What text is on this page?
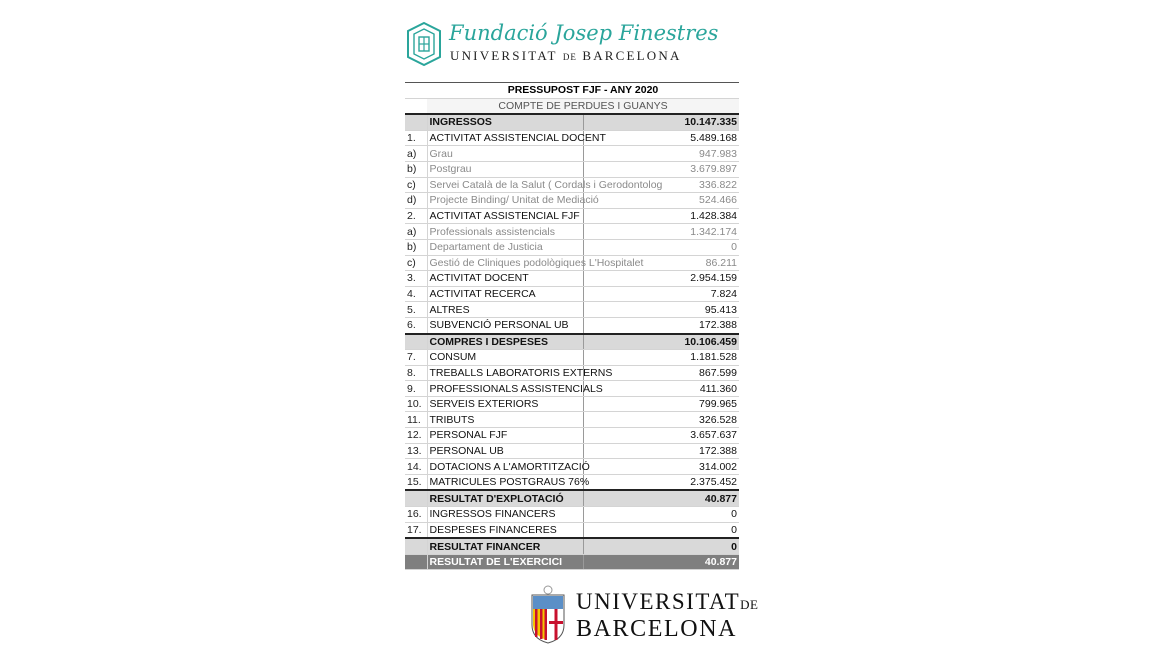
Fundació Josep Finestres
UNIVERSITAT DE BARCELONA
	PRESSUPOST FJF - ANY 2020	
	COMPTE DE PERDUES I GUANYS	
	INGRESSOS	10.147.335
1.	ACTIVITAT ASSISTENCIAL DOCENT	5.489.168
a)	Grau	947.983
b)	Postgrau	3.679.897
c)	Servei Català de la Salut ( Cordals i Gerodontolog	336.822
d)	Projecte Binding/ Unitat de Mediació	524.466
2.	ACTIVITAT ASSISTENCIAL FJF	1.428.384
a)	Professionals assistencials	1.342.174
b)	Departament de Justicia	0
c)	Gestió de Cliniques podològiques L'Hospitalet	86.211
3.	ACTIVITAT DOCENT	2.954.159
4.	ACTIVITAT RECERCA	7.824
5.	ALTRES	95.413
6.	SUBVENCIÓ PERSONAL UB	172.388
	COMPRES I DESPESES	10.106.459
7.	CONSUM	1.181.528
8.	TREBALLS LABORATORIS EXTERNS	867.599
9.	PROFESSIONALS ASSISTENCIALS	411.360
10.	SERVEIS EXTERIORS	799.965
11.	TRIBUTS	326.528
12.	PERSONAL FJF	3.657.637
13.	PERSONAL UB	172.388
14.	DOTACIONS A L'AMORTITZACIÓ	314.002
15.	MATRICULES POSTGRAUS 76%	2.375.452
	RESULTAT D'EXPLOTACIÓ	40.877
16.	INGRESSOS FINANCERS	0
17.	DESPESES FINANCERES	0
	RESULTAT FINANCER	0
	RESULTAT DE L'EXERCICI	40.877
UNIVERSITATDE
BARCELONA
